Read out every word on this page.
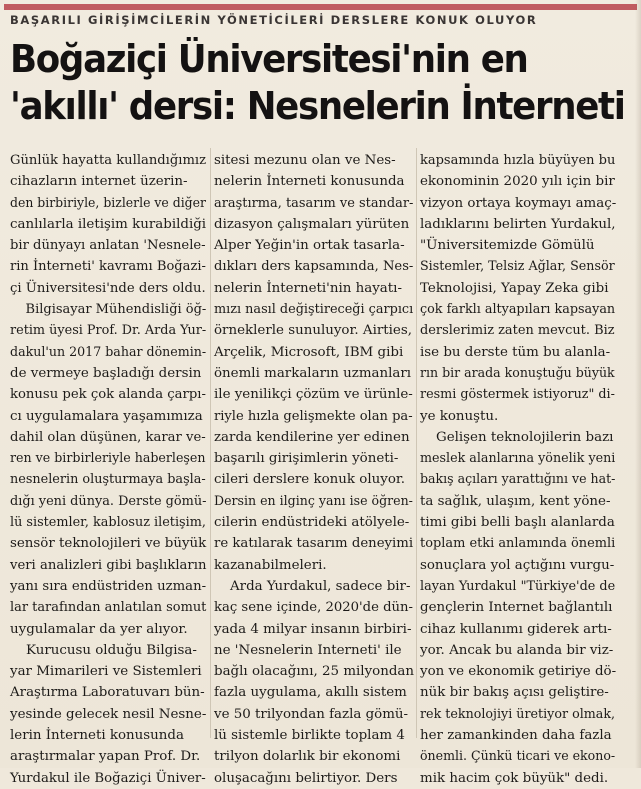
BAŞARILI GİRİŞİMCİLERİN YÖNETİCİLERİ DERSLERE KONUK OLUYOR
Boğaziçi Üniversitesi'nin en
'akıllı' dersi: Nesnelerin İnterneti
Günlük hayatta kullandığımız
cihazların internet üzerin-
den birbiriyle, bizlerle ve diğer
canlılarla iletişim kurabildiği
bir dünyayı anlatan 'Nesnele-
rin İnterneti' kavramı Boğazi-
çi Üniversitesi'nde ders oldu.
Bilgisayar Mühendisliği öğ-
retim üyesi Prof. Dr. Arda Yur-
dakul'un 2017 bahar dönemin-
de vermeye başladığı dersin
konusu pek çok alanda çarpı-
cı uygulamalara yaşamımıza
dahil olan düşünen, karar ve-
ren ve birbirleriyle haberleşen
nesnelerin oluşturmaya başla-
dığı yeni dünya. Derste gömü-
lü sistemler, kablosuz iletişim,
sensör teknolojileri ve büyük
veri analizleri gibi başlıkların
yanı sıra endüstriden uzman-
lar tarafından anlatılan somut
uygulamalar da yer alıyor.
Kurucusu olduğu Bilgisa-
yar Mimarileri ve Sistemleri
Araştırma Laboratuvarı bün-
yesinde gelecek nesil Nesne-
lerin İnterneti konusunda
araştırmalar yapan Prof. Dr.
Yurdakul ile Boğaziçi Üniver-
sitesi mezunu olan ve Nes-
nelerin İnterneti konusunda
araştırma, tasarım ve standar-
dizasyon çalışmaları yürüten
Alper Yeğin'in ortak tasarla-
dıkları ders kapsamında, Nes-
nelerin İnterneti'nin hayatı-
mızı nasıl değiştireceği çarpıcı
örneklerle sunuluyor. Airties,
Arçelik, Microsoft, IBM gibi
önemli markaların uzmanları
ile yenilikçi çözüm ve ürünle-
riyle hızla gelişmekte olan pa-
zarda kendilerine yer edinen
başarılı girişimlerin yöneti-
cileri derslere konuk oluyor.
Dersin en ilginç yanı ise öğren-
cilerin endüstrideki atölyele-
re katılarak tasarım deneyimi
kazanabilmeleri.
Arda Yurdakul, sadece bir-
kaç sene içinde, 2020'de dün-
yada 4 milyar insanın birbiri-
ne 'Nesnelerin Interneti' ile
bağlı olacağını, 25 milyondan
fazla uygulama, akıllı sistem
ve 50 trilyondan fazla gömü-
lü sistemle birlikte toplam 4
trilyon dolarlık bir ekonomi
oluşacağını belirtiyor. Ders
kapsamında hızla büyüyen bu
ekonominin 2020 yılı için bir
vizyon ortaya koymayı amaç-
ladıklarını belirten Yurdakul,
"Üniversitemizde Gömülü
Sistemler, Telsiz Ağlar, Sensör
Teknolojisi, Yapay Zeka gibi
çok farklı altyapıları kapsayan
derslerimiz zaten mevcut. Biz
ise bu derste tüm bu alanla-
rın bir arada konuştuğu büyük
resmi göstermek istiyoruz" di-
ye konuştu.
Gelişen teknolojilerin bazı
meslek alanlarına yönelik yeni
bakış açıları yarattığını ve hat-
ta sağlık, ulaşım, kent yöne-
timi gibi belli başlı alanlarda
toplam etki anlamında önemli
sonuçlara yol açtığını vurgu-
layan Yurdakul "Türkiye'de de
gençlerin Internet bağlantılı
cihaz kullanımı giderek artı-
yor. Ancak bu alanda bir viz-
yon ve ekonomik getiriye dö-
nük bir bakış açısı geliştire-
rek teknolojiyi üretiyor olmak,
her zamankinden daha fazla
önemli. Çünkü ticari ve ekono-
mik hacim çok büyük" dedi.
